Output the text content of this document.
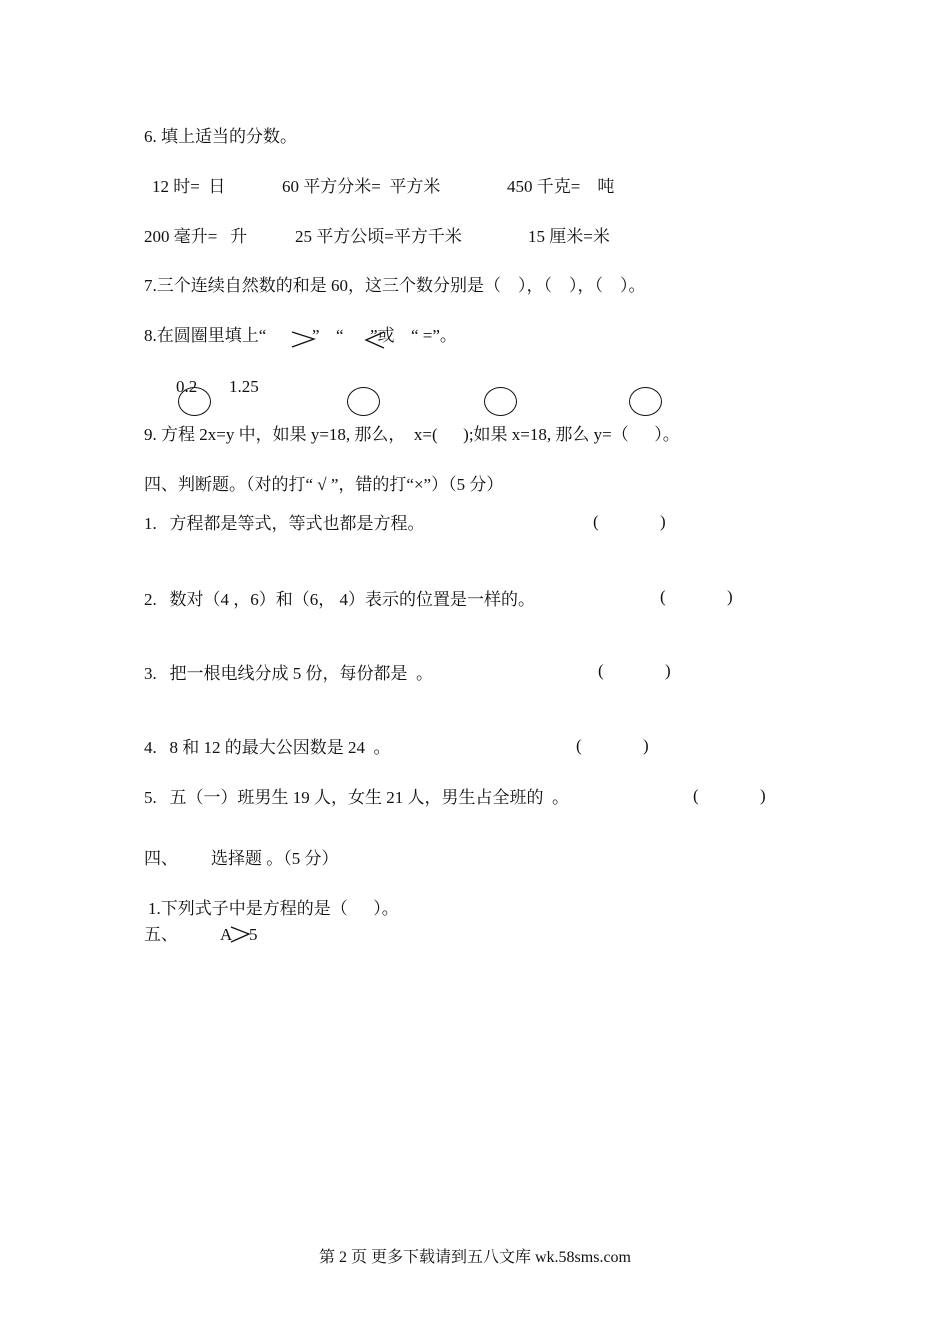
6. 填上适当的分数。
12 时=  日	60 平方分米=  平方米	450 千克=    吨
200 毫升=   升	25 平方公顷=平方千米	15 厘米=米
7.三个连续自然数的和是 60，这三个数分别是（    ），（    ），（    ）。
8.在圆圈里填上“	” “ ”或 “ =”。
0.2 1.25
9. 方程 2x=y 中，如果 y=18, 那么，  x=(      );如果 x=18, 那么 y=（      ）。
四、判断题。（对的打“ √ ”，错的打“×”）（5 分）
1.   方程都是等式，等式也都是方程。	(	)
2.   数对（4 ，6）和（6， 4）表示的位置是一样的。	(	)
3.   把一根电线分成 5 份，每份都是  。	(	)
4.   8 和 12 的最大公因数是 24  。	(	)
5.   五（一）班男生 19 人，女生 21 人，男生占全班的  。	(	)
四、 选择题 。（5 分）
1.下列式子中是方程的是（      ）。
五、 A 5
第 2 页 更多下载请到五八文库 wk.58sms.com
